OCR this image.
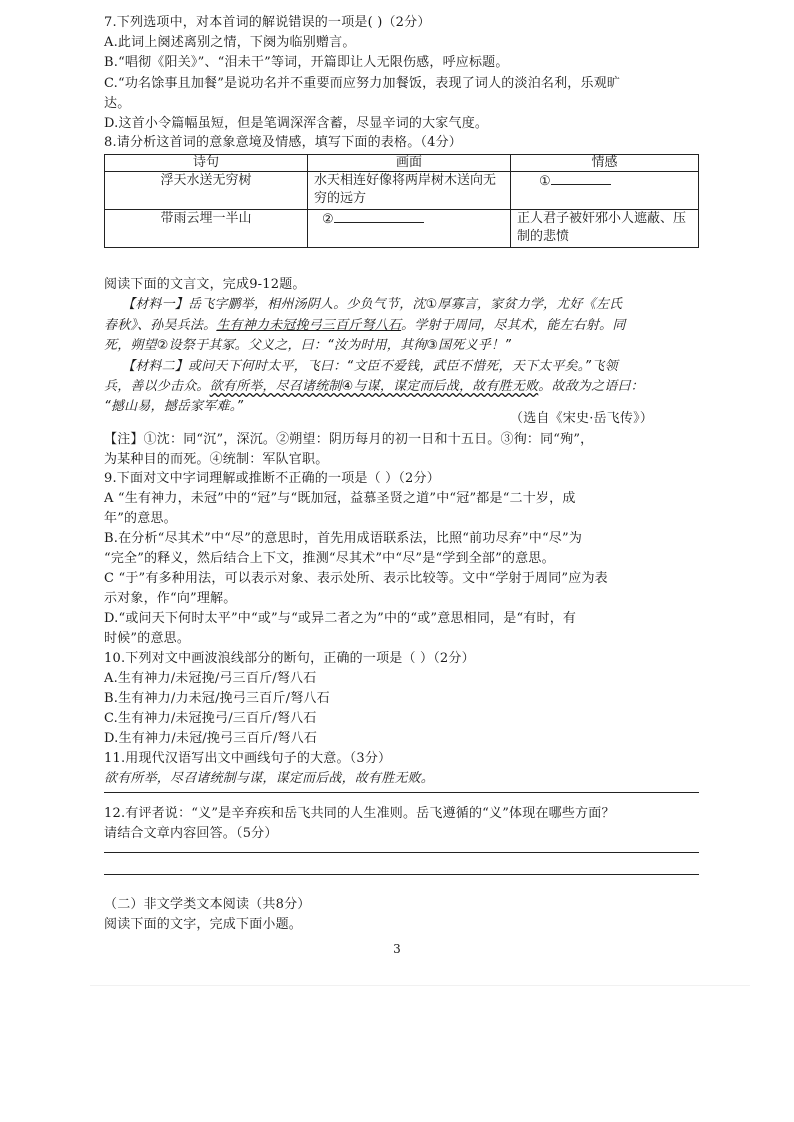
7.下列选项中，对本首词的解说错误的一项是( )（2分）
A.此词上阕述离别之情，下阕为临别赠言。
B.“唱彻《阳关》”、“泪未干”等词，开篇即让人无限伤感，呼应标题。
C.“功名馀事且加餐”是说功名并不重要而应努力加餐饭，表现了词人的淡泊名利，乐观旷
达。
D.这首小令篇幅虽短，但是笔调深浑含蓄，尽显辛词的大家气度。
8.请分析这首词的意象意境及情感，填写下面的表格。（4分）
诗句	画面	情感
浮天水送无穷树	水天相连好像将两岸树木送向无穷的远方	①
带雨云埋一半山	②	正人君子被奸邪小人遮蔽、压制的悲愤
阅读下面的文言文，完成9-12题。
【材料一】岳飞字鹏举，相州汤阴人。少负气节，沈①厚寡言，家贫力学，尤好《左氏
春秋》、孙吴兵法。生有神力未冠挽弓三百斤弩八石。学射于周同，尽其术，能左右射。同
死，朔望②设祭于其冢。父义之，曰：“汝为时用，其徇③国死义乎！”
【材料二】或问天下何时太平，飞曰：“文臣不爱钱，武臣不惜死，天下太平矣。”飞领
兵，善以少击众。欲有所举，尽召诸统制④与谋，谋定而后战，故有胜无败。故敌为之语曰：
“撼山易，撼岳家军难。”
（选自《宋史·岳飞传》）
【注】①沈：同“沉”，深沉。②朔望：阴历每月的初一日和十五日。③徇：同“殉”，
为某种目的而死。④统制：军队官职。
9.下面对文中字词理解或推断不正确的一项是（ ）（2分）
A “生有神力，未冠”中的“冠”与“既加冠，益慕圣贤之道”中“冠”都是“二十岁，成
年”的意思。
B.在分析“尽其术”中“尽”的意思时，首先用成语联系法，比照“前功尽弃”中“尽”为
“完全”的释义，然后结合上下文，推测“尽其术”中“尽”是“学到全部”的意思。
C “于”有多种用法，可以表示对象、表示处所、表示比较等。文中“学射于周同”应为表
示对象，作“向”理解。
D.“或问天下何时太平”中“或”与“或异二者之为”中的“或”意思相同，是“有时，有
时候”的意思。
10.下列对文中画波浪线部分的断句，正确的一项是（ ）（2分）
A.生有神力/未冠挽/弓三百斤/弩八石
B.生有神力/力未冠/挽弓三百斤/弩八石
C.生有神力/未冠挽弓/三百斤/弩八石
D.生有神力/未冠/挽弓三百斤/弩八石
11.用现代汉语写出文中画线句子的大意。（3分）
欲有所举，尽召诸统制与谋，谋定而后战，故有胜无败。
12.有评者说：“义”是辛弃疾和岳飞共同的人生准则。岳飞遵循的“义”体现在哪些方面？
请结合文章内容回答。（5分）
（二）非文学类文本阅读（共8分）
阅读下面的文字，完成下面小题。
3
